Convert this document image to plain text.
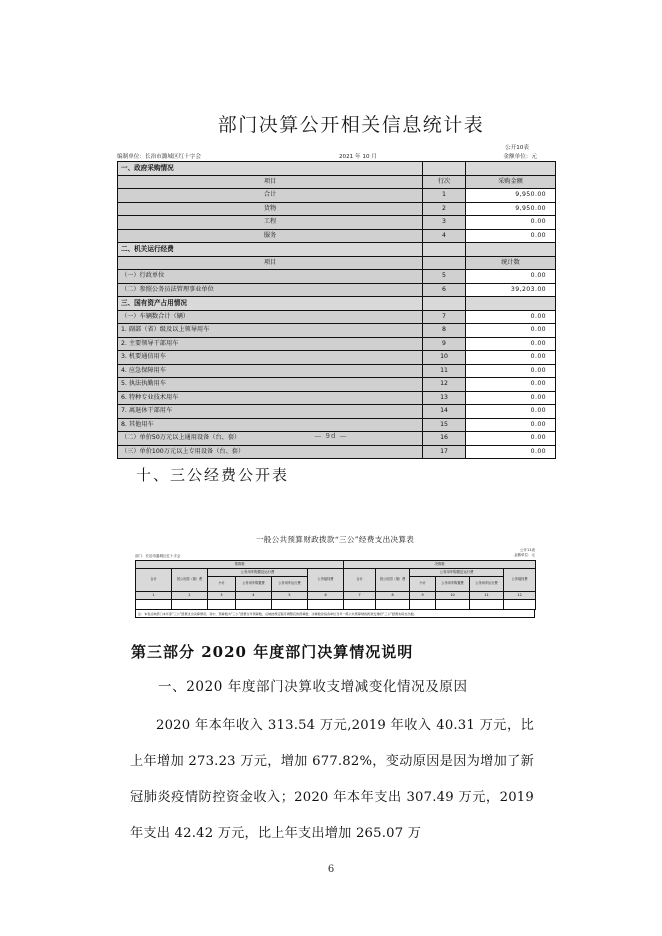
部门决算公开相关信息统计表
编制单位：长治市潞城区红十字会	2021 年 10 月
公开10表
金额单位：元
一、政府采购情况		
项目	行次	采购金额
合计	1	9,950.00
货物	2	9,950.00
工程	3	0.00
服务	4	0.00
二、机关运行经费		
项目		统计数
（一）行政单位	5	0.00
（二）参照公务员法管理事业单位	6	39,203.00
三、国有资产占用情况		
（一）车辆数合计（辆）	7	0.00
1. 副部（省）级及以上领导用车	8	0.00
2. 主要领导干部用车	9	0.00
3. 机要通信用车	10	0.00
4. 应急保障用车	11	0.00
5. 执法执勤用车	12	0.00
6. 特种专业技术用车	13	0.00
7. 离退休干部用车	14	0.00
8. 其他用车	15	0.00
（二）单价50万元以上通用设备（台、套）	16	0.00
（三）单价100万元以上专用设备（台、套）	17	0.00
— 9d —
十、三公经费公开表
一般公共预算财政拨款“三公”经费支出决算表
部门：长治市潞城区红十字会
公开11表
金额单位：元
预算数						决算数					
合计	因公出国（境）费	公务用车购置及运行费			公务接待费	合计	因公出国（境）费	公务用车购置及运行费			公务接待费
		小计	公务用车购置费	公务用车运行费				小计	公务用车购置费	公务用车运行费	
1	2	3	4	5	6	7	8	9	10	11	12

注：本表反映部门本年度“三公”经费支出决算情况。其中，预算数为“三公”经费全年预算数，反映按规定程序调整后的预算数；决算数是指各单位当年一般公共预算财政拨款安排的“三公”经费实际支出数。
第三部分 2020 年度部门决算情况说明
一、2020 年度部门决算收支增减变化情况及原因
2020 年本年收入 313.54 万元,2019 年收入 40.31 万元，比上年增加 273.23 万元，增加 677.82%，变动原因是因为增加了新冠肺炎疫情防控资金收入；2020 年本年支出 307.49 万元，2019 年支出 42.42 万元，比上年支出增加 265.07 万
6
